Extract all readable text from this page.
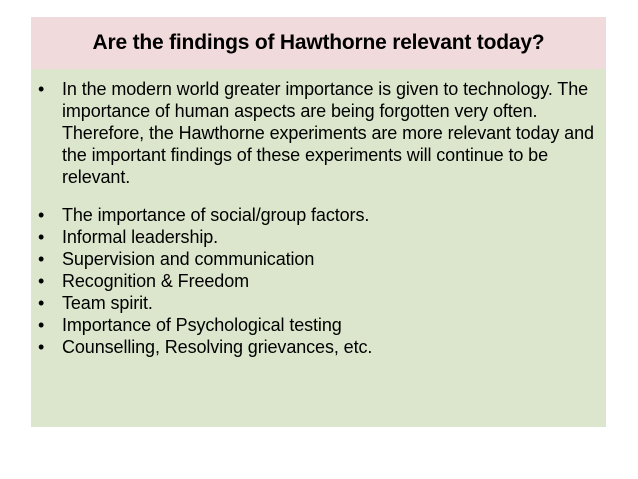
Are the findings of Hawthorne relevant today?
• In the modern world greater importance is given to technology. The importance of human aspects are being forgotten very often. Therefore, the Hawthorne experiments are more relevant today and the important findings of these experiments will continue to be relevant.
• The importance of social/group factors.
• Informal leadership.
• Supervision and communication
• Recognition & Freedom
• Team spirit.
• Importance of Psychological testing
• Counselling, Resolving grievances, etc.
